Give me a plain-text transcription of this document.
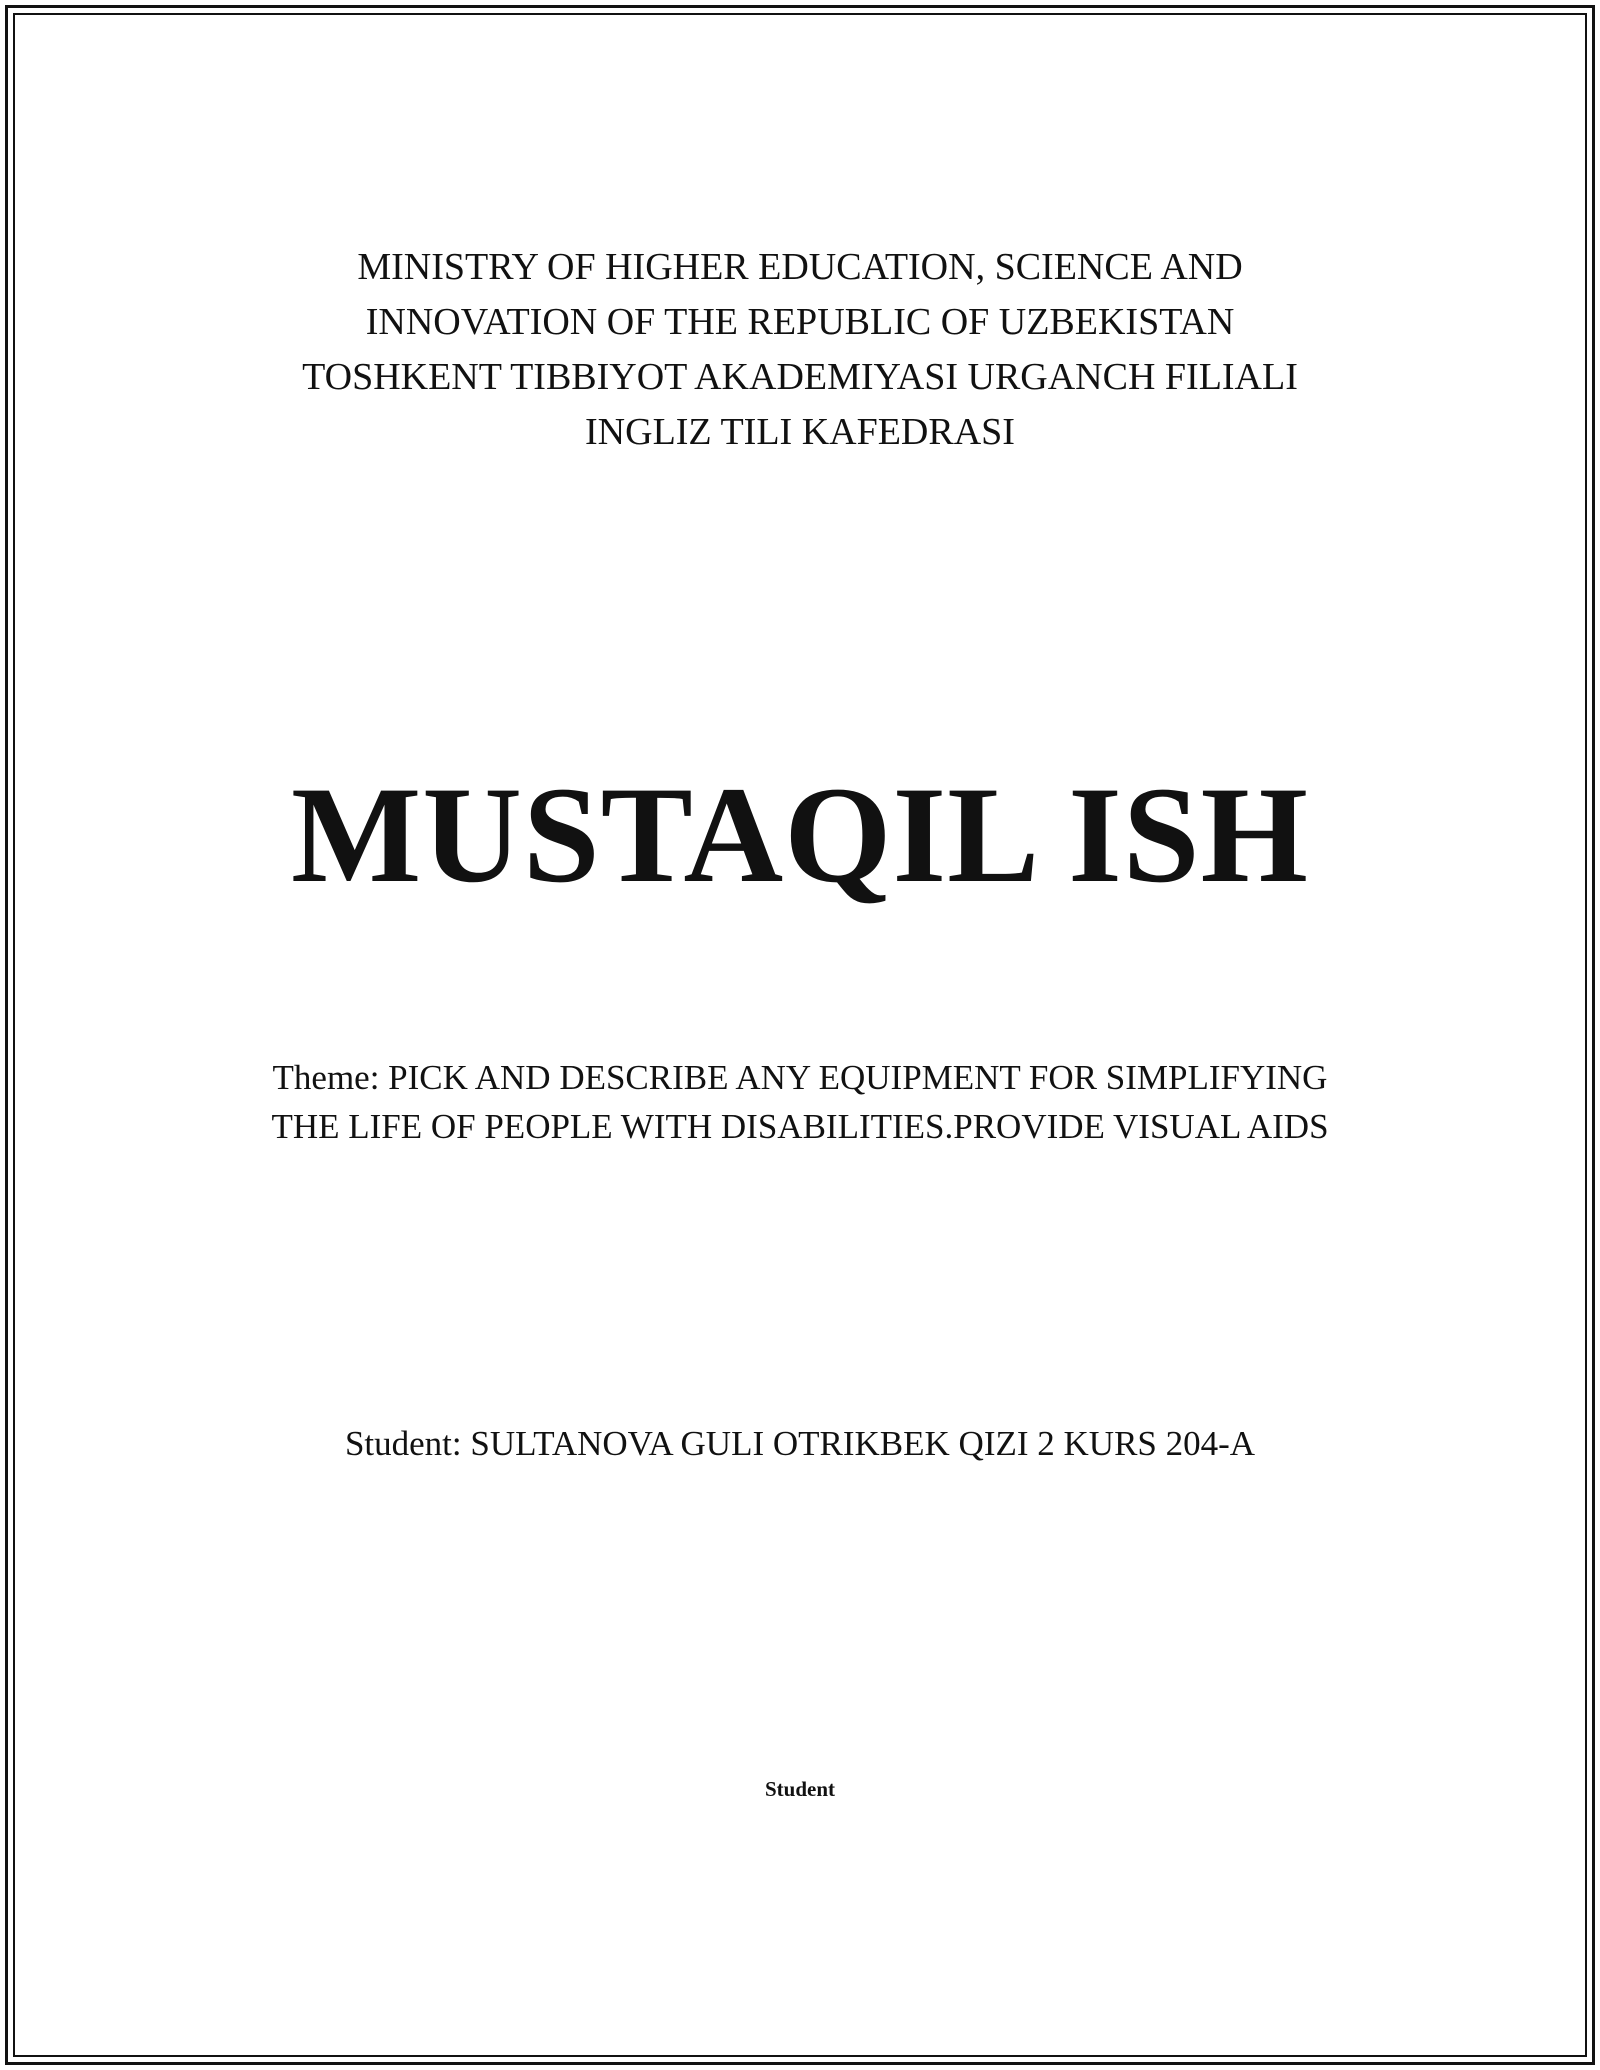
MINISTRY OF HIGHER EDUCATION, SCIENCE AND
INNOVATION OF THE REPUBLIC OF UZBEKISTAN
TOSHKENT TIBBIYOT AKADEMIYASI URGANCH FILIALI
INGLIZ TILI KAFEDRASI
MUSTAQIL ISH
Theme: PICK AND DESCRIBE ANY EQUIPMENT FOR SIMPLIFYING
THE LIFE OF PEOPLE WITH DISABILITIES.PROVIDE VISUAL AIDS
Student: SULTANOVA GULI OTRIKBEK QIZI 2 KURS 204-A
Student
